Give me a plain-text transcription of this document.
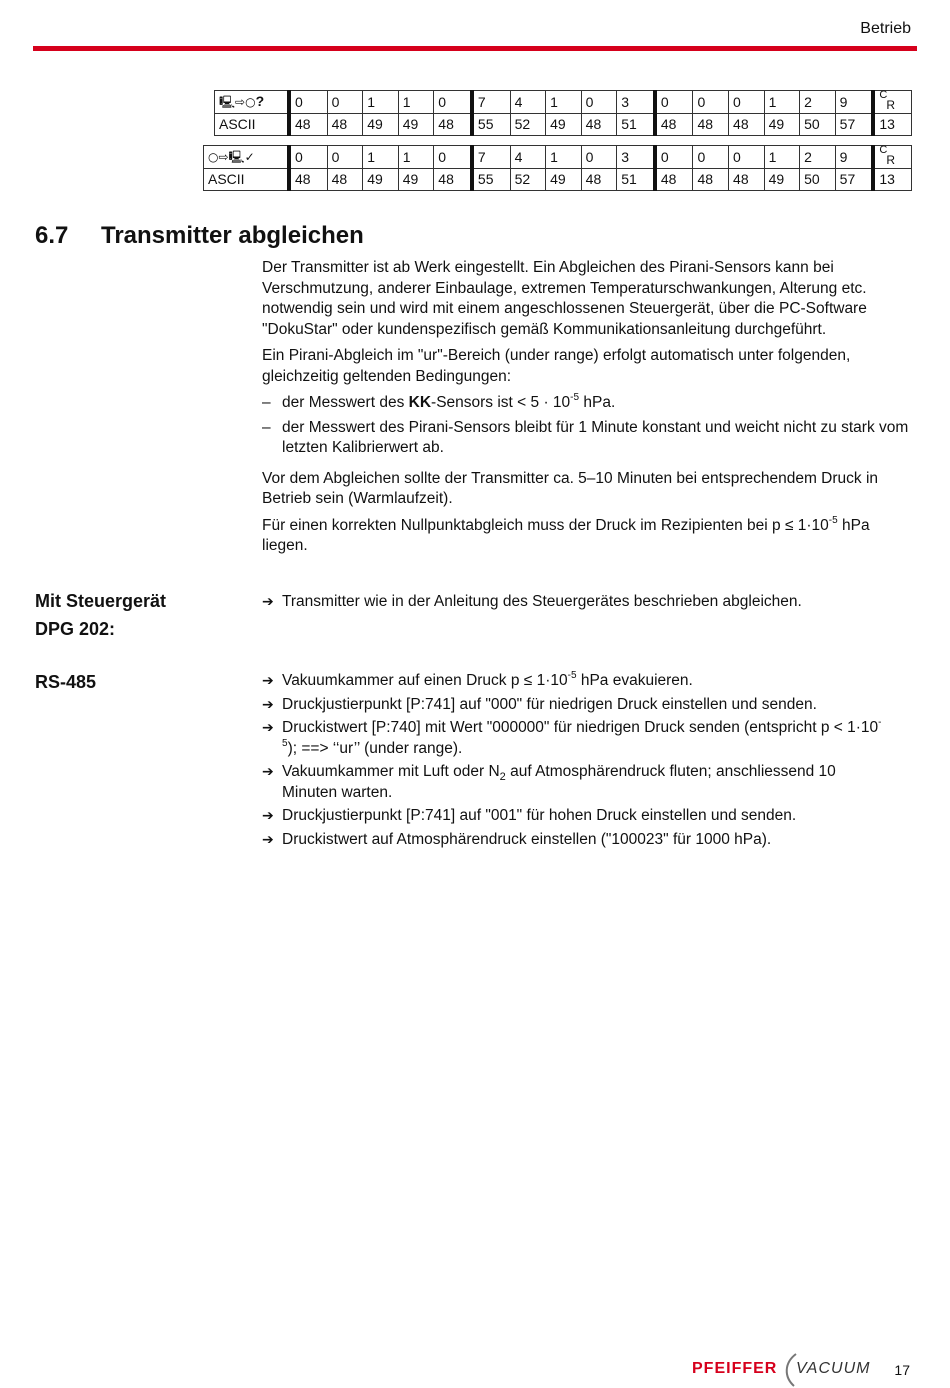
Betrieb
🖳⇨○?	0	0	1	1	0	7	4	1	0	3	0	0	0	1	2	9	C
R

ASCII	48	48	49	49	48	55	52	49	48	51	48	48	48	49	50	57	13
○⇨🖳✓	0	0	1	1	0	7	4	1	0	3	0	0	0	1	2	9	C
R

ASCII	48	48	49	49	48	55	52	49	48	51	48	48	48	49	50	57	13
6.7 Transmitter abgleichen

Der Transmitter ist ab Werk eingestellt. Ein Abgleichen des Pirani-Sensors kann bei Verschmutzung, anderer Einbaulage, extremen Temperaturschwankungen, Alterung etc. notwendig sein und wird mit einem angeschlossenen Steuergerät, über die PC-Software "DokuStar" oder kundenspezifisch gemäß Kommunikationsanleitung durchgeführt.

Ein Pirani-Abgleich im "ur"-Bereich (under range) erfolgt automatisch unter folgenden, gleichzeitig geltenden Bedingungen:

– der Messwert des KK-Sensors ist < $5 \cdot 10^{-5}$ hPa.

– der Messwert des Pirani-Sensors bleibt für 1 Minute konstant und weicht nicht zu stark vom letzten Kalibrierwert ab.

Vor dem Abgleichen sollte der Transmitter ca. 5–10 Minuten bei entsprechendem Druck in Betrieb sein (Warmlaufzeit).

Für einen korrekten Nullpunktabgleich muss der Druck im Rezipienten bei $p \le 1\cdot 10^{-5}$ hPa liegen.

Mit Steuergerät
DPG 202:

➔ Transmitter wie in der Anleitung des Steuergerätes beschrieben abgleichen.

RS-485	➔ Vakuumkammer auf einen Druck $p \le 1\cdot 10^{-5}$ hPa evakuieren.

➔ Druckjustierpunkt [P:741] auf "000" für niedrigen Druck einstellen und senden.

➔ Druckistwert [P:740] mit Wert "000000" für niedrigen Druck senden (entspricht $p < 1\cdot 10^{-5}$); ==> ‘‘ur’’ (under range).

➔ Vakuumkammer mit Luft oder $N_2$ auf Atmosphärendruck fluten; anschliessend 10 Minuten warten.

➔ Druckjustierpunkt [P:741] auf "001" für hohen Druck einstellen und senden.

➔ Druckistwert auf Atmosphärendruck einstellen ("100023" für 1000 hPa).

PFEIFFER VACUUM 17
